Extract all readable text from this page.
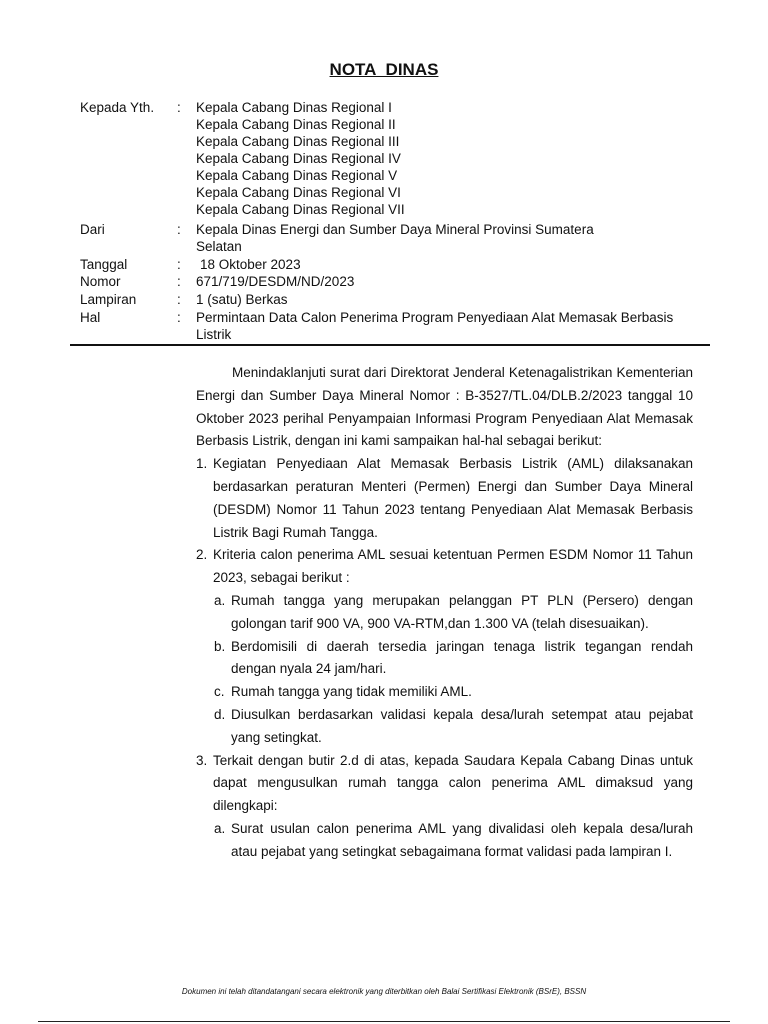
NOTA DINAS
Kepada Yth.	: Kepala Cabang Dinas Regional I
Kepala Cabang Dinas Regional II
Kepala Cabang Dinas Regional III
Kepala Cabang Dinas Regional IV
Kepala Cabang Dinas Regional V
Kepala Cabang Dinas Regional VI
Kepala Cabang Dinas Regional VII
Dari	: Kepala Dinas Energi dan Sumber Daya Mineral Provinsi Sumatera
Selatan
Tanggal	: 18 Oktober 2023
Nomor	: 671/719/DESDM/ND/2023
Lampiran	: 1 (satu) Berkas
Hal	: Permintaan Data Calon Penerima Program Penyediaan Alat Memasak Berbasis Listrik

Menindaklanjuti surat dari Direktorat Jenderal Ketenagalistrikan Kementerian Energi dan Sumber Daya Mineral Nomor : B-3527/TL.04/DLB.2/2023 tanggal 10 Oktober 2023 perihal Penyampaian Informasi Program Penyediaan Alat Memasak Berbasis Listrik, dengan ini kami sampaikan hal-hal sebagai berikut:

1. Kegiatan Penyediaan Alat Memasak Berbasis Listrik (AML) dilaksanakan berdasarkan peraturan Menteri (Permen) Energi dan Sumber Daya Mineral (DESDM) Nomor 11 Tahun 2023 tentang Penyediaan Alat Memasak Berbasis Listrik Bagi Rumah Tangga.
2. Kriteria calon penerima AML sesuai ketentuan Permen ESDM Nomor 11 Tahun 2023, sebagai berikut :
a. Rumah tangga yang merupakan pelanggan PT PLN (Persero) dengan golongan tarif 900 VA, 900 VA-RTM,dan 1.300 VA (telah disesuaikan).
b. Berdomisili di daerah tersedia jaringan tenaga listrik tegangan rendah dengan nyala 24 jam/hari.
c. Rumah tangga yang tidak memiliki AML.
d. Diusulkan berdasarkan validasi kepala desa/lurah setempat atau pejabat yang setingkat.
3. Terkait dengan butir 2.d di atas, kepada Saudara Kepala Cabang Dinas untuk dapat mengusulkan rumah tangga calon penerima AML dimaksud yang dilengkapi:
a. Surat usulan calon penerima AML yang divalidasi oleh kepala desa/lurah atau pejabat yang setingkat sebagaimana format validasi pada lampiran I.
Dokumen ini telah ditandatangani secara elektronik yang diterbitkan oleh Balai Sertifikasi Elektronik (BSrE), BSSN
